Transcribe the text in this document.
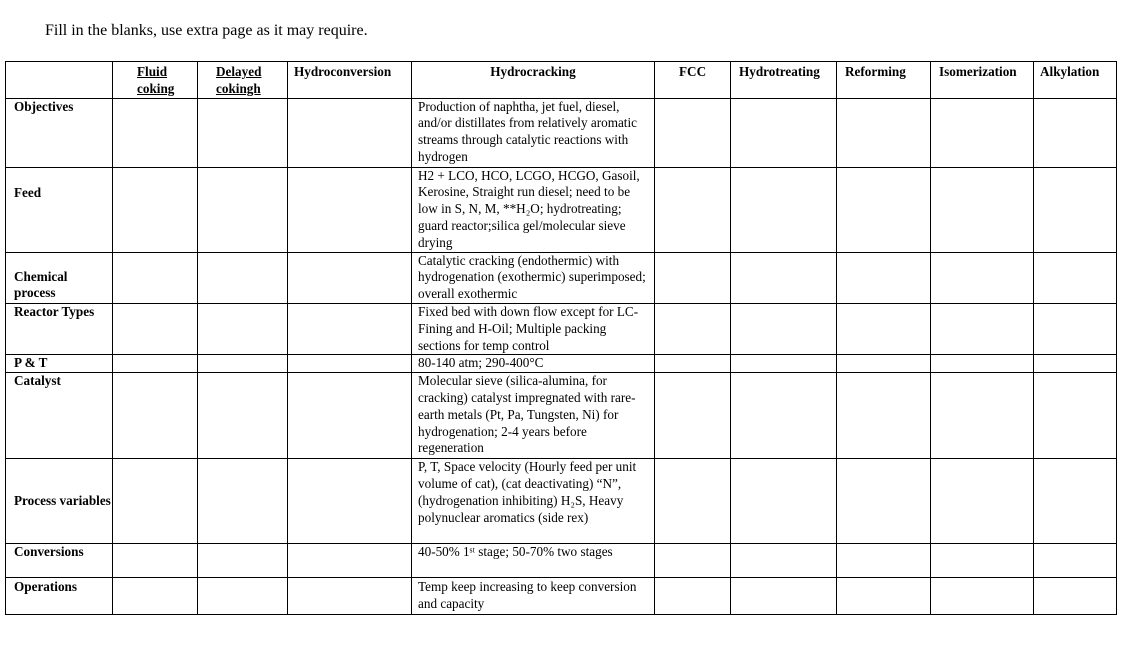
Fill in the blanks, use extra page as it may require.

	Fluid coking	Delayed cokingh	Hydroconversion	Hydrocracking	FCC	Hydrotreating	Reforming	Isomerization	Alkylation

Objectives				Production of naphtha, jet fuel, diesel, and/or distillates from relatively aromatic streams through catalytic reactions with hydrogen					

Feed				H2 + LCO, HCO, LCGO, HCGO, Gasoil, Kerosine, Straight run diesel; need to be low in S, N, M, **H₂O; hydrotreating; guard reactor;silica gel/molecular sieve drying					

Chemical process				Catalytic cracking (endothermic) with hydrogenation (exothermic) superimposed; overall exothermic					

Reactor Types				Fixed bed with down flow except for LC-Fining and H-Oil; Multiple packing sections for temp control					

P & T				80-140 atm; 290-400°C					

Catalyst				Molecular sieve (silica-alumina, for cracking) catalyst impregnated with rare-earth metals (Pt, Pa, Tungsten, Ni) for hydrogenation; 2-4 years before regeneration					

Process variables				P, T, Space velocity (Hourly feed per unit volume of cat), (cat deactivating) “N”, (hydrogenation inhibiting) H₂S, Heavy polynuclear aromatics (side rex)					

Conversions				40-50% 1ˢᵗ stage; 50-70% two stages					

Operations				Temp keep increasing to keep conversion and capacity					
